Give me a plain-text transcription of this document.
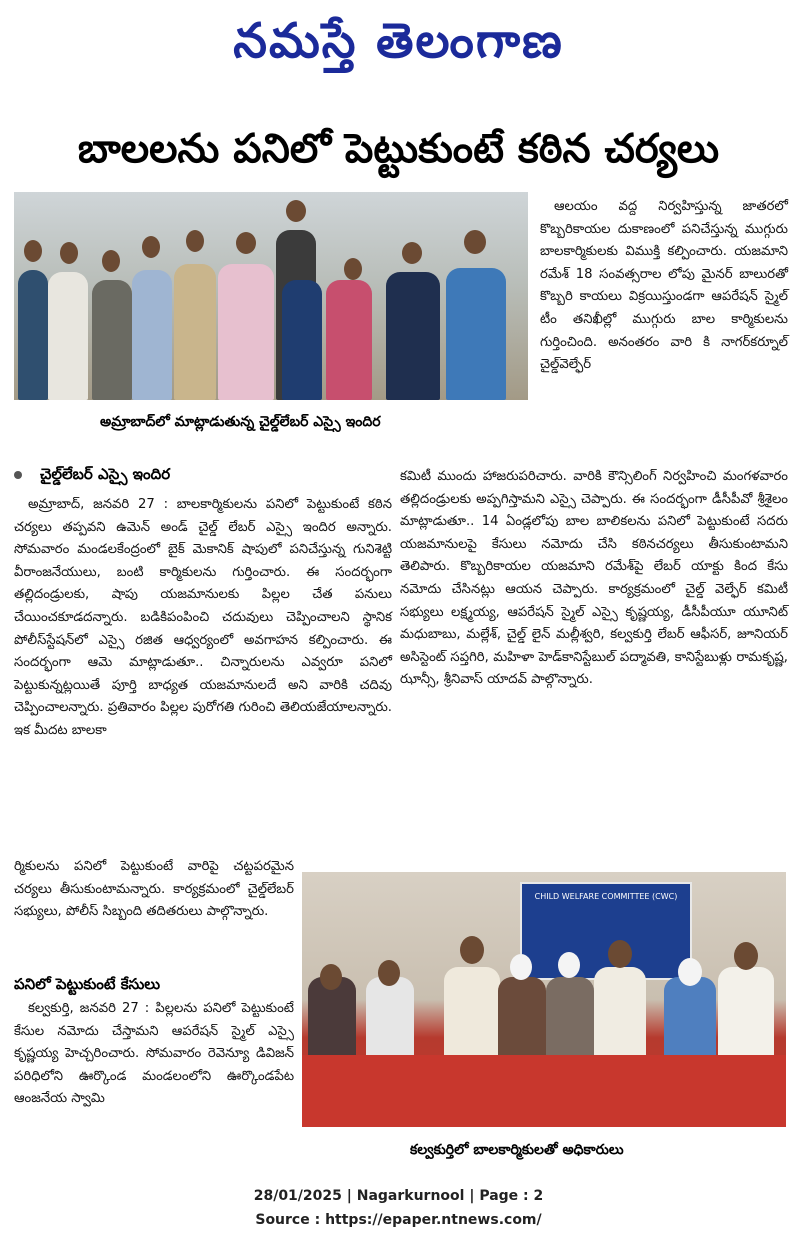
నమస్తే తెలంగాణ
బాలలను పనిలో పెట్టుకుంటే కఠిన చర్యలు
అమ్రాబాద్‌లో మాట్లాడుతున్న చైల్డ్‌లేబర్ ఎస్సై ఇందిర
చైల్డ్‌లేబర్ ఎస్సై ఇందిర

ఆలయం వద్ద నిర్వహిస్తున్న జాతరలో కొబ్బరికాయల దుకాణంలో పనిచేస్తున్న ముగ్గురు బాలకార్మికులకు విముక్తి కల్పించారు. యజమాని రమేశ్ 18 సంవత్సరాల లోపు మైనర్ బాలురతో కొబ్బరి కాయలు విక్రయిస్తుండగా ఆపరేషన్ స్మైల్ టీం తనిఖీల్లో ముగ్గురు బాల కార్మికులను గుర్తించింది. అనంతరం వారి కి నాగర్‌కర్నూల్ చైల్డ్‌వెల్ఫేర్

కమిటీ ముందు హాజరుపరిచారు. వారికి కౌన్సిలింగ్ నిర్వహించి మంగళవారం తల్లిదండ్రులకు అప్పగిస్తామని ఎస్సై చెప్పారు. ఈ సందర్భంగా డీసీపీవో శ్రీశైలం మాట్లాడుతూ.. 14 ఏండ్లలోపు బాల బాలికలను పనిలో పెట్టుకుంటే సదరు యజమానులపై కేసులు నమోదు చేసి కఠినచర్యలు తీసుకుంటామని తెలిపారు. కొబ్బరికాయల యజమాని రమేశ్‌పై లేబర్ యాక్టు కింద కేసు నమోదు చేసినట్లు ఆయన చెప్పారు. కార్యక్రమంలో చైల్డ్ వెల్ఫేర్ కమిటీ సభ్యులు లక్ష్మయ్య, ఆపరేషన్ స్మైల్ ఎస్సై కృష్ణయ్య, డీసీపీయూ యూనిట్ మధుబాబు, మల్లేశ్, చైల్డ్ లైన్ మల్లీశ్వరి, కల్వకుర్తి లేబర్ ఆఫీసర్, జూనియర్ అసిస్టెంట్ సప్తగిరి, మహిళా హెడ్‌కానిస్టేబుల్ పద్మావతి, కానిస్టేబుళ్లు రామకృష్ణ, ఝాన్సీ, శ్రీనివాస్ యాదవ్ పాల్గొన్నారు.

అమ్రాబాద్, జనవరి 27 : బాలకార్మికులను పనిలో పెట్టుకుంటే కఠిన చర్యలు తప్పవని ఉమెన్ అండ్ చైల్డ్ లేబర్ ఎస్సై ఇందిర అన్నారు. సోమవారం మండలకేంద్రంలో బైక్ మెకానిక్ షాపులో పనిచేస్తున్న గునిశెట్టి వీరాంజనేయులు, బంటి కార్మికులను గుర్తించారు. ఈ సందర్భంగా తల్లిదండ్రులకు, షాపు యజమానులకు పిల్లల చేత పనులు చేయించకూడదన్నారు. బడికిపంపించి చదువులు చెప్పించాలని స్థానిక పోలీస్‌స్టేషన్‌లో ఎస్సై రజిత ఆధ్వర్యంలో అవగాహన కల్పించారు. ఈ సందర్భంగా ఆమె మాట్లాడుతూ.. చిన్నారులను ఎవ్వరూ పనిలో పెట్టుకున్నట్లయితే పూర్తి బాధ్యత యజమానులదే అని వారికి చదివు చెప్పించాలన్నారు. ప్రతివారం పిల్లల పురోగతి గురించి తెలియజేయాలన్నారు. ఇక మీదట బాలకా

ర్మికులను పనిలో పెట్టుకుంటే వారిపై చట్టపరమైన చర్యలు తీసుకుంటామన్నారు. కార్యక్రమంలో చైల్డ్‌లేబర్ సభ్యులు, పోలీస్ సిబ్బంది తదితరులు పాల్గొన్నారు.

పనిలో పెట్టుకుంటే కేసులు

కల్వకుర్తి, జనవరి 27 : పిల్లలను పనిలో పెట్టుకుంటే కేసుల నమోదు చేస్తామని ఆపరేషన్ స్మైల్ ఎస్సై కృష్ణయ్య హెచ్చరించారు. సోమవారం రెవెన్యూ డివిజన్ పరిధిలోని ఊర్కొండ మండలంలోని ఊర్కొండపేట ఆంజనేయ స్వామి

CHILD WELFARE COMMITTEE (CWC)
కల్వకుర్తిలో బాలకార్మికులతో అధికారులు
28/01/2025 | Nagarkurnool | Page : 2
Source : https://epaper.ntnews.com/
